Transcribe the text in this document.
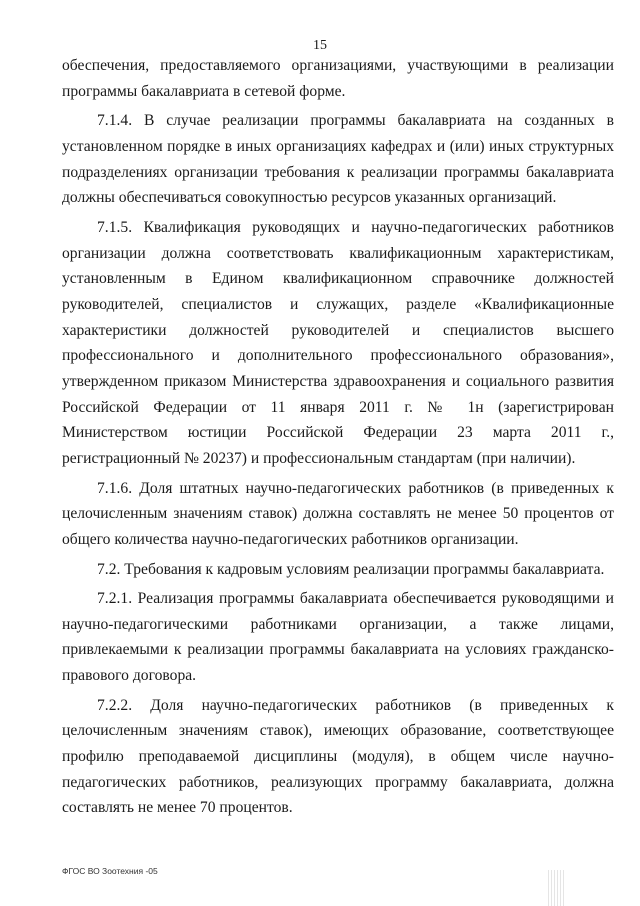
15

обеспечения, предоставляемого организациями, участвующими в реализации программы бакалавриата в сетевой форме.

7.1.4. В случае реализации программы бакалавриата на созданных в установленном порядке в иных организациях кафедрах и (или) иных структурных подразделениях организации требования к реализации программы бакалавриата должны обеспечиваться совокупностью ресурсов указанных организаций.

7.1.5. Квалификация руководящих и научно-педагогических работников организации должна соответствовать квалификационным характеристикам, установленным в Едином квалификационном справочнике должностей руководителей, специалистов и служащих, разделе «Квалификационные характеристики должностей руководителей и специалистов высшего профессионального и дополнительного профессионального образования», утвержденном приказом Министерства здравоохранения и социального развития Российской Федерации от 11 января 2011 г. № 1н (зарегистрирован Министерством юстиции Российской Федерации 23 марта 2011 г., регистрационный № 20237) и профессиональным стандартам (при наличии).

7.1.6. Доля штатных научно-педагогических работников (в приведенных к целочисленным значениям ставок) должна составлять не менее 50 процентов от общего количества научно-педагогических работников организации.

7.2. Требования к кадровым условиям реализации программы бакалавриата.

7.2.1. Реализация программы бакалавриата обеспечивается руководящими и научно-педагогическими работниками организации, а также лицами, привлекаемыми к реализации программы бакалавриата на условиях гражданско-правового договора.

7.2.2. Доля научно-педагогических работников (в приведенных к целочисленным значениям ставок), имеющих образование, соответствующее профилю преподаваемой дисциплины (модуля), в общем числе научно-педагогических работников, реализующих программу бакалавриата, должна составлять не менее 70 процентов.

ФГОС ВО Зоотехния -05
